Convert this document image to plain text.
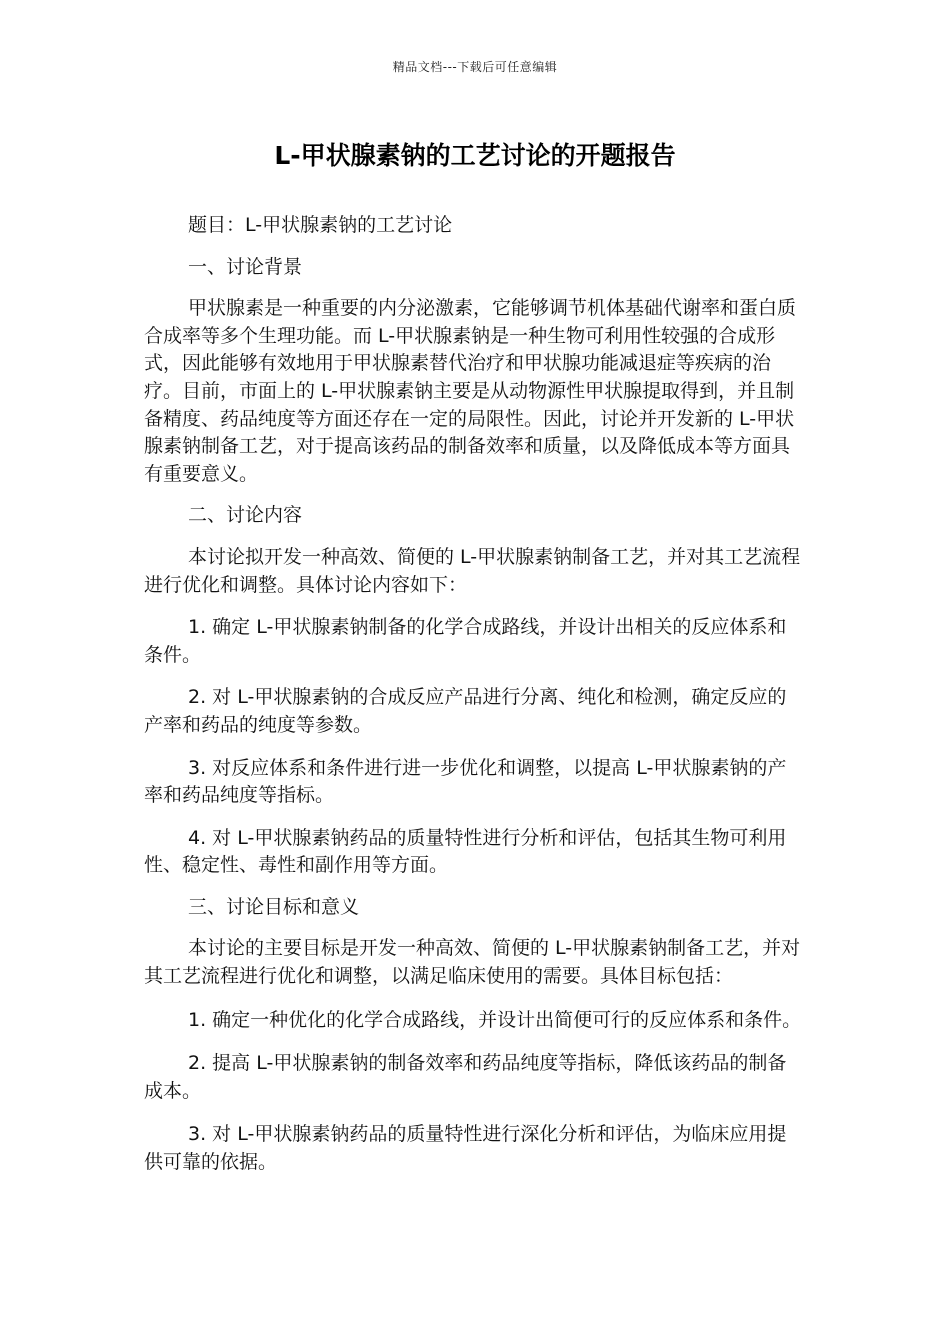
精品文档---下载后可任意编辑
L-甲状腺素钠的工艺讨论的开题报告

题目：L-甲状腺素钠的工艺讨论

一、讨论背景

甲状腺素是一种重要的内分泌激素，它能够调节机体基础代谢率和蛋白质合成率等多个生理功能。而 L-甲状腺素钠是一种生物可利用性较强的合成形式，因此能够有效地用于甲状腺素替代治疗和甲状腺功能减退症等疾病的治疗。目前，市面上的 L-甲状腺素钠主要是从动物源性甲状腺提取得到，并且制备精度、药品纯度等方面还存在一定的局限性。因此，讨论并开发新的 L-甲状腺素钠制备工艺，对于提高该药品的制备效率和质量，以及降低成本等方面具有重要意义。

二、讨论内容

本讨论拟开发一种高效、简便的 L-甲状腺素钠制备工艺，并对其工艺流程进行优化和调整。具体讨论内容如下：

1. 确定 L-甲状腺素钠制备的化学合成路线，并设计出相关的反应体系和条件。

2. 对 L-甲状腺素钠的合成反应产品进行分离、纯化和检测，确定反应的产率和药品的纯度等参数。

3. 对反应体系和条件进行进一步优化和调整，以提高 L-甲状腺素钠的产率和药品纯度等指标。

4. 对 L-甲状腺素钠药品的质量特性进行分析和评估，包括其生物可利用性、稳定性、毒性和副作用等方面。

三、讨论目标和意义

本讨论的主要目标是开发一种高效、简便的 L-甲状腺素钠制备工艺，并对其工艺流程进行优化和调整，以满足临床使用的需要。具体目标包括：

1. 确定一种优化的化学合成路线，并设计出简便可行的反应体系和条件。

2. 提高 L-甲状腺素钠的制备效率和药品纯度等指标，降低该药品的制备成本。

3. 对 L-甲状腺素钠药品的质量特性进行深化分析和评估，为临床应用提供可靠的依据。
